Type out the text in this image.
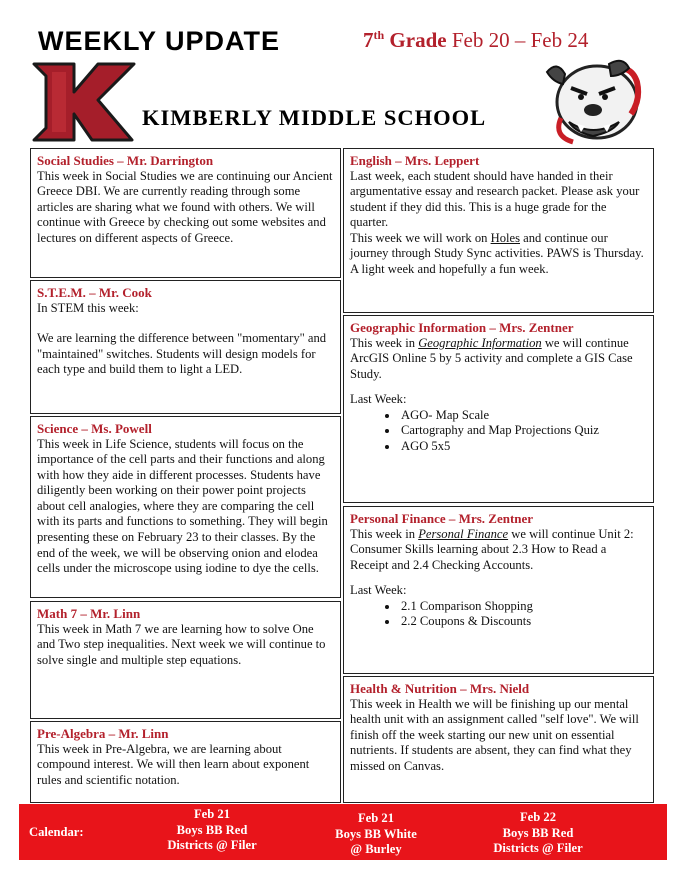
WEEKLY UPDATE	7th Grade Feb 20 – Feb 24
KIMBERLY MIDDLE SCHOOL
Social Studies – Mr. Darrington

This week in Social Studies we are continuing our Ancient Greece DBI. We are currently reading through some articles are sharing what we found with others. We will continue with Greece by checking out some websites and lectures on different aspects of Greece.

S.T.E.M. – Mr. Cook

In STEM this week:

We are learning the difference between "momentary" and "maintained" switches. Students will design models for each type and build them to light a LED.

Science – Ms. Powell

This week in Life Science, students will focus on the importance of the cell parts and their functions and along with how they aide in different processes. Students have diligently been working on their power point projects about cell analogies, where they are comparing the cell with its parts and functions to something. They will begin presenting these on February 23 to their classes. By the end of the week, we will be observing onion and elodea cells under the microscope using iodine to dye the cells.

Math 7 – Mr. Linn

This week in Math 7 we are learning how to solve One and Two step inequalities. Next week we will continue to solve single and multiple step equations.

Pre-Algebra – Mr. Linn

This week in Pre-Algebra, we are learning about compound interest. We will then learn about exponent rules and scientific notation.

English – Mrs. Leppert

Last week, each student should have handed in their argumentative essay and research packet. Please ask your student if they did this. This is a huge grade for the quarter.

This week we will work on Holes and continue our journey through Study Sync activities. PAWS is Thursday.

A light week and hopefully a fun week.

Geographic Information – Mrs. Zentner

This week in Geographic Information we will continue ArcGIS Online 5 by 5 activity and complete a GIS Case Study.

Last Week:

AGO- Map Scale
Cartography and Map Projections Quiz
AGO 5x5
Personal Finance – Mrs. Zentner

This week in Personal Finance we will continue Unit 2: Consumer Skills learning about 2.3 How to Read a Receipt and 2.4 Checking Accounts.

Last Week:

2.1 Comparison Shopping
2.2 Coupons & Discounts
Health & Nutrition – Mrs. Nield

This week in Health we will be finishing up our mental health unit with an assignment called "self love". We will finish off the week starting our new unit on essential nutrients. If students are absent, they can find what they missed on Canvas.

Calendar:
Feb 21
Boys BB Red
Districts @ Filer
Feb 21
Boys BB White
@ Burley
Feb 22
Boys BB Red
Districts @ Filer
